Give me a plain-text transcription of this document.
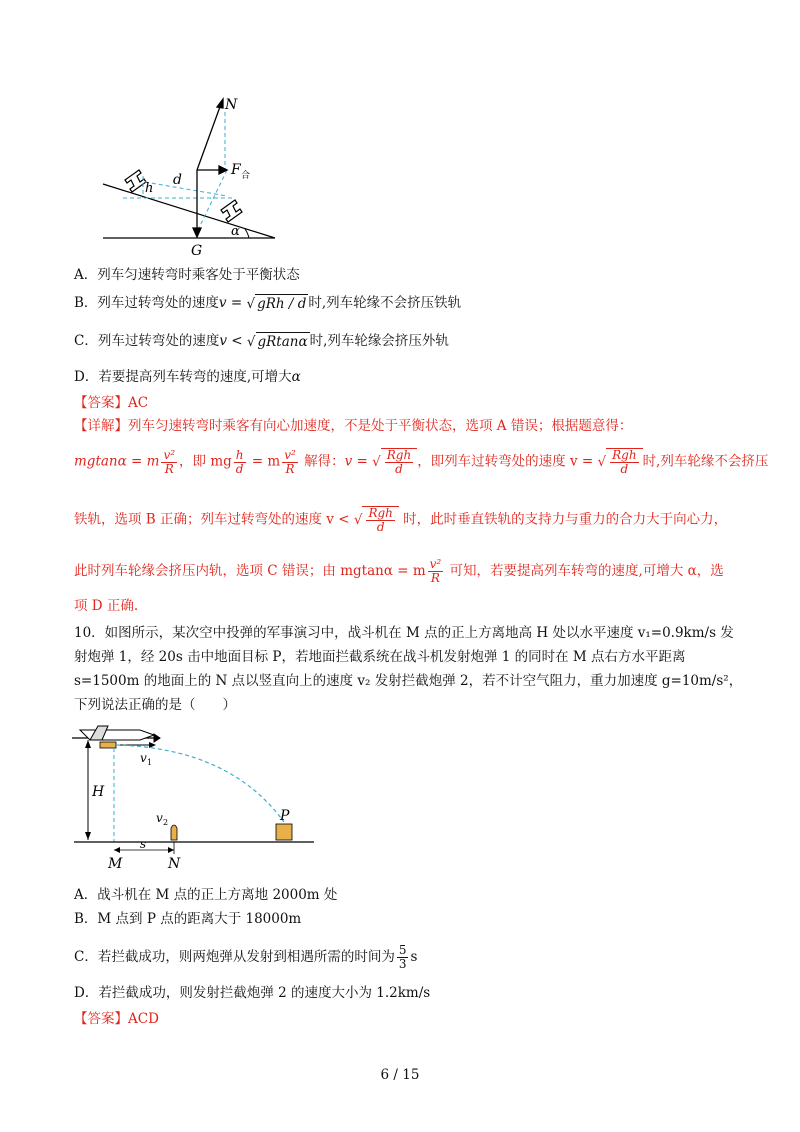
N
F 合
d
h
G
α
A．列车匀速转弯时乘客处于平衡状态
B．列车过转弯处的速度v = √ gRh / d 时,列车轮缘不会挤压铁轨
C．列车过转弯处的速度v < √ gRtanα 时,列车轮缘会挤压外轨
D．若要提高列车转弯的速度,可增大α
【答案】AC
【详解】列车匀速转弯时乘客有向心加速度，不是处于平衡状态，选项 A 错误；根据题意得：
mgtanα = m $\frac{\text{v²}}{R}$ ，即 mg $\frac{h}{d} = m \frac{\text{v²}}{R}$ 解得：v = √ $\frac{\text{Rgh}}{d}$ ，即列车过转弯处的速度 v = √ $\frac{\text{Rgh}}{d}$ 时,列车轮缘不会挤压
铁轨，选项 B 正确；列车过转弯处的速度 v < √ $\frac{\text{Rgh}}{d}$ 时，此时垂直铁轨的支持力与重力的合力大于向心力，
此时列车轮缘会挤压内轨，选项 C 错误；由 mgtanα = m $\frac{\text{v²}}{R}$ 可知，若要提高列车转弯的速度,可增大 α，选
项 D 正确.
10．如图所示，某次空中投弹的军事演习中，战斗机在 M 点的正上方离地高 H 处以水平速度 v₁=0.9km/s 发
射炮弹 1，经 20s 击中地面目标 P，若地面拦截系统在战斗机发射炮弹 1 的同时在 M 点右方水平距离
s=1500m 的地面上的 N 点以竖直向上的速度 v₂ 发射拦截炮弹 2，若不计空气阻力，重力加速度 g=10m/s²，
下列说法正确的是（　　）
H
v 1
v 2	P
M
s
N
A．战斗机在 M 点的正上方离地 2000m 处
B．M 点到 P 点的距离大于 18000m
C．若拦截成功，则两炮弹从发射到相遇所需的时间为 $\frac{5}{3}$ s
D．若拦截成功，则发射拦截炮弹 2 的速度大小为 1.2km/s
【答案】ACD
6 / 15
